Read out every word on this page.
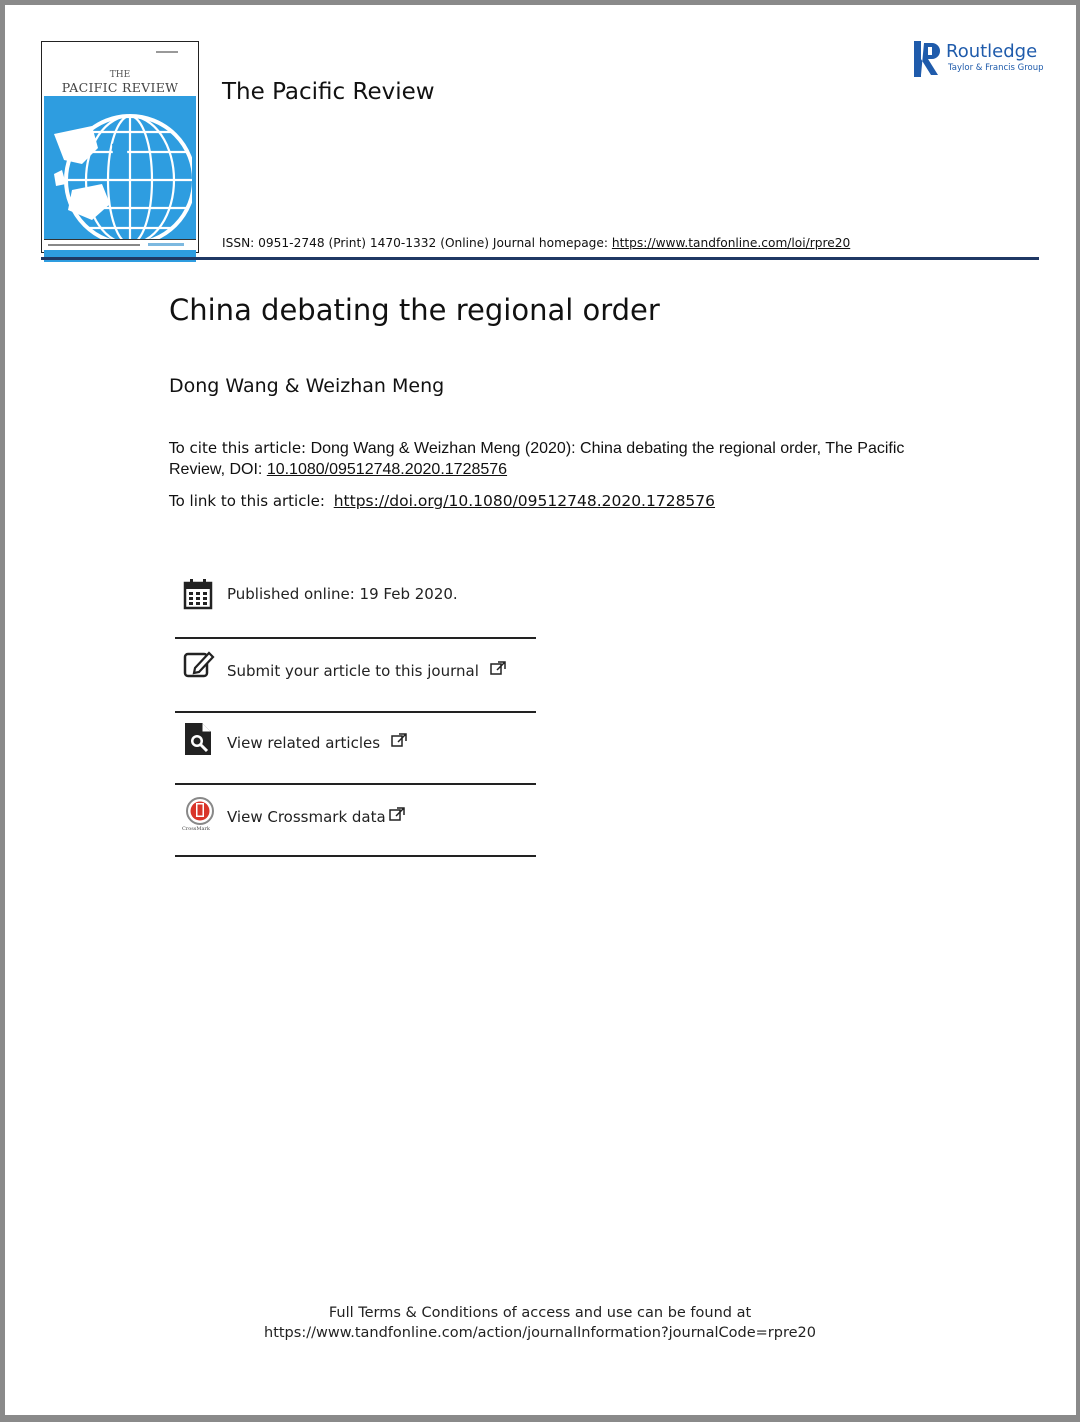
THE
PACIFIC REVIEW	The Pacific Review
Routledge
Taylor & Francis Group
ISSN: 0951-2748 (Print) 1470-1332 (Online) Journal homepage: https://www.tandfonline.com/loi/rpre20
China debating the regional order
Dong Wang & Weizhan Meng
To cite this article: Dong Wang & Weizhan Meng (2020): China debating the regional order, The Pacific Review, DOI: 10.1080/09512748.2020.1728576
To link to this article: https://doi.org/10.1080/09512748.2020.1728576
Published online: 19 Feb 2020.
Submit your article to this journal
View related articles
CrossMark
View Crossmark data
Full Terms & Conditions of access and use can be found at
https://www.tandfonline.com/action/journalInformation?journalCode=rpre20
